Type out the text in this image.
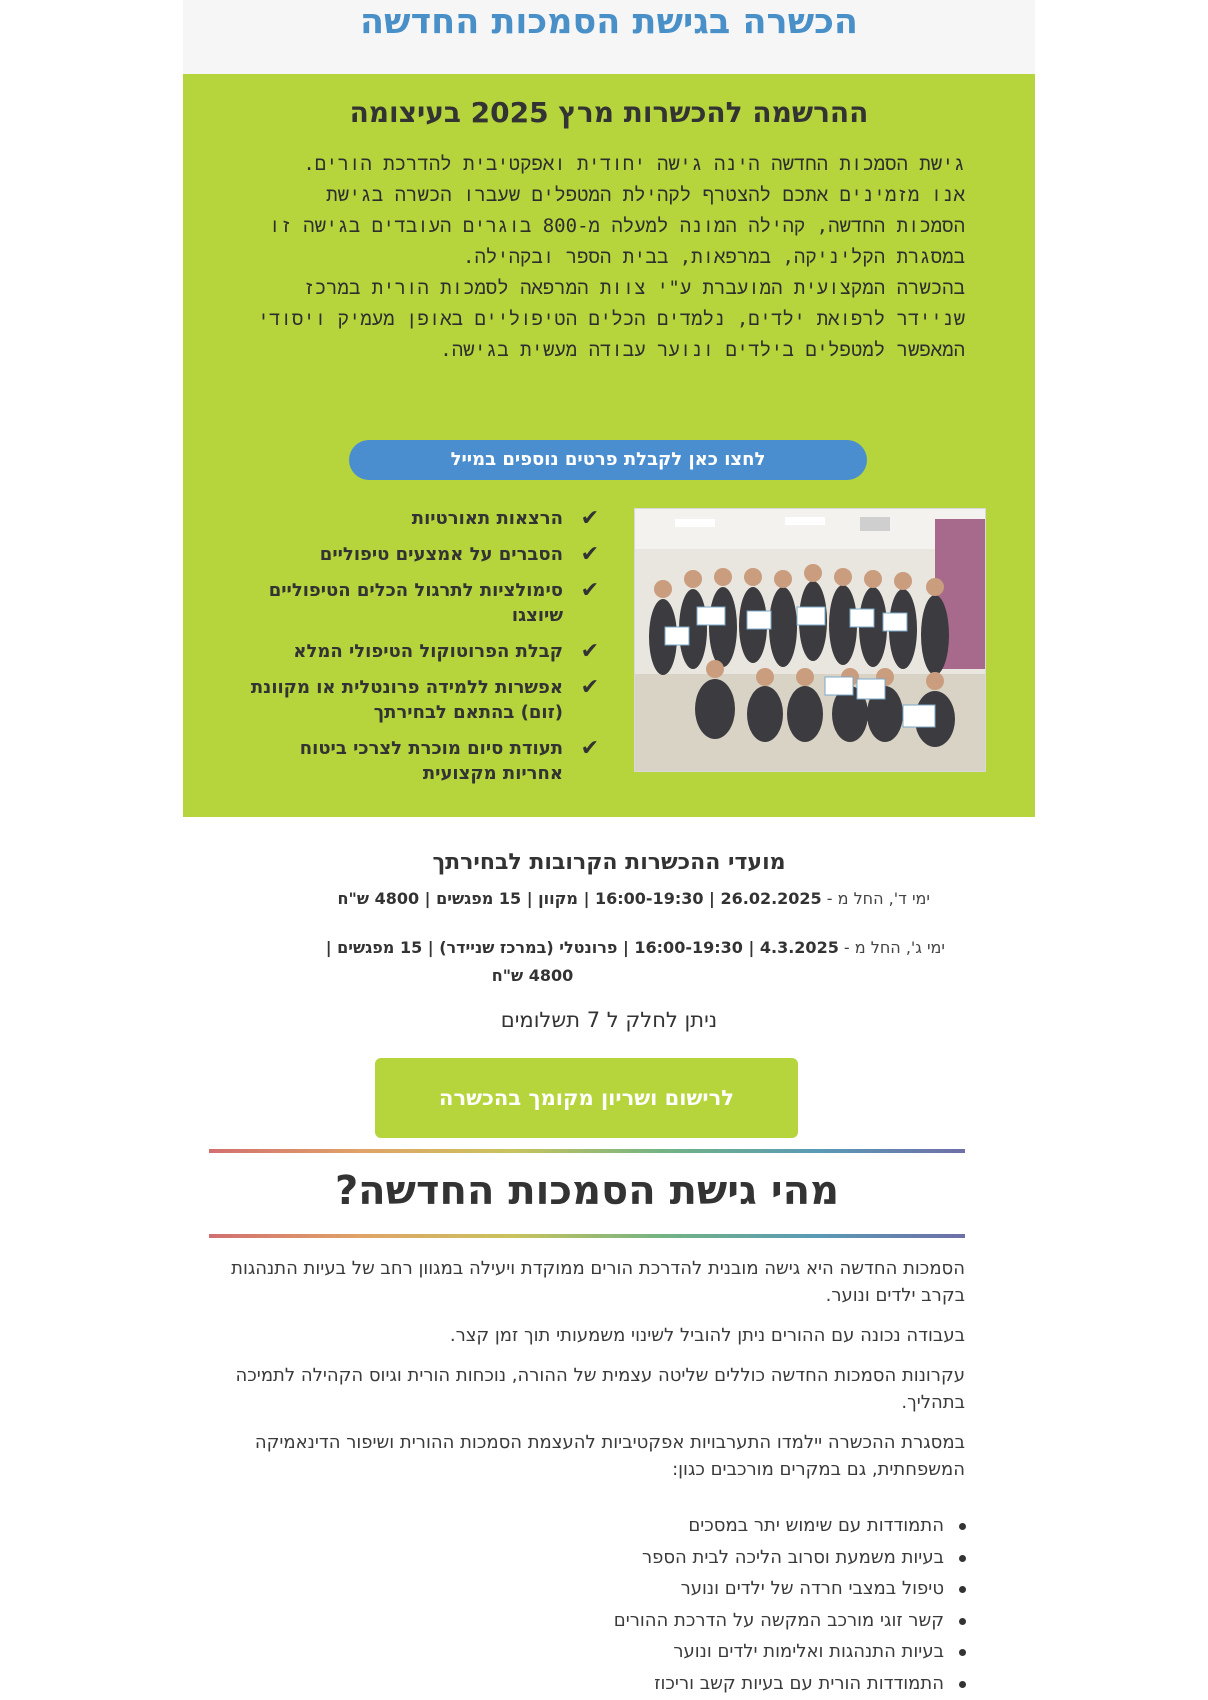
הכשרה בגישת הסמכות החדשה
ההרשמה להכשרות מרץ 2025 בעיצומה

גישת הסמכות החדשה הינה גישה יחודית ואפקטיבית להדרכת הורים.

אנו מזמינים אתכם להצטרף לקהילת המטפלים שעברו הכשרה בגישת הסמכות החדשה, קהילה המונה למעלה מ-800 בוגרים העובדים בגישה זו במסגרת הקליניקה, במרפאות, בבית הספר ובקהילה.

בהכשרה המקצועית המועברת ע"י צוות המרפאה לסמכות הורית במרכז שניידר לרפואת ילדים, נלמדים הכלים הטיפוליים באופן מעמיק ויסודי המאפשר למטפלים בילדים ונוער עבודה מעשית בגישה.

לחצו כאן לקבלת פרטים נוספים במייל
✔
הרצאות תאורטיות
✔
הסברים על אמצעים טיפוליים
✔
סימולציות לתרגול הכלים הטיפוליים שיוצגו
✔
קבלת הפרוטוקול הטיפולי המלא
✔
אפשרות ללמידה פרונטלית או מקוונת (זום) בהתאם לבחירתך
✔
תעודת סיום מוכרת לצרכי ביטוח אחריות מקצועית
מועדי ההכשרות הקרובות לבחירתך
ימי ד', החל מ - 26.02.2025 | 16:00-19:30 | מקוון | 15 מפגשים | 4800 ש"ח
ימי ג', החל מ - 4.3.2025 | 16:00-19:30 | פרונטלי (במרכז שניידר) | 15 מפגשים |
4800 ש"ח
ניתן לחלק ל 7 תשלומים
לרישום ושריון מקומך בהכשרה
מהי גישת הסמכות החדשה?

הסמכות החדשה היא גישה מובנית להדרכת הורים ממוקדת ויעילה במגוון רחב של בעיות התנהגות בקרב ילדים ונוער.

בעבודה נכונה עם ההורים ניתן להוביל לשינוי משמעותי תוך זמן קצר.

עקרונות הסמכות החדשה כוללים שליטה עצמית של ההורה, נוכחות הורית וגיוס הקהילה לתמיכה בתהליך.

במסגרת ההכשרה יילמדו התערבויות אפקטיביות להעצמת הסמכות ההורית ושיפור הדינאמיקה המשפחתית, גם במקרים מורכבים כגון:

התמודדות עם שימוש יתר במסכים
בעיות משמעת וסרוב הליכה לבית הספר
טיפול במצבי חרדה של ילדים ונוער
קשר זוגי מורכב המקשה על הדרכת ההורים
בעיות התנהגות ואלימות ילדים ונוער
התמודדות הורית עם בעיות קשב וריכוז
